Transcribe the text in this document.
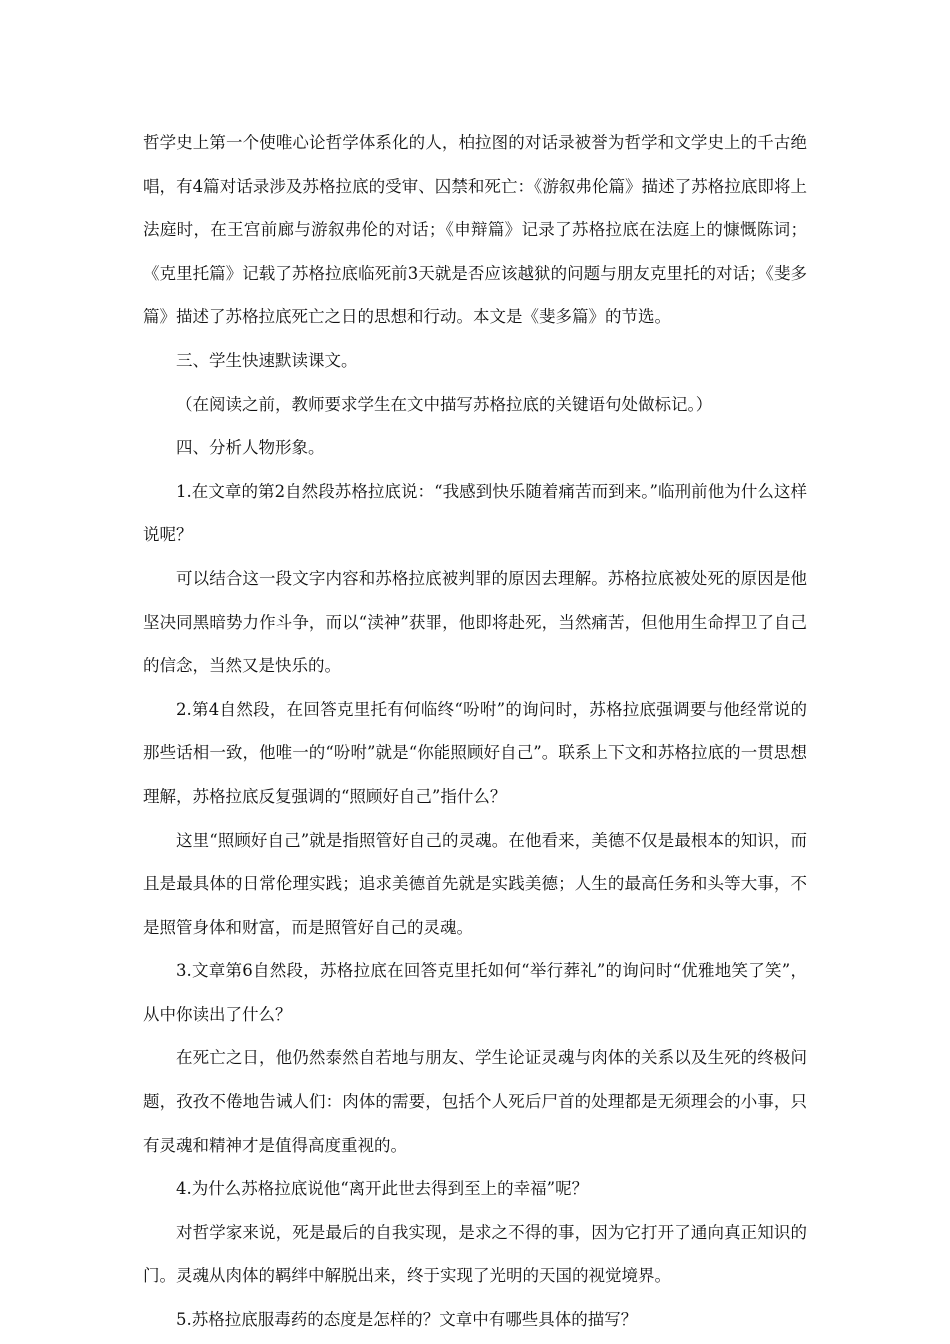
哲学史上第一个使唯心论哲学体系化的人，柏拉图的对话录被誉为哲学和文学史上的千古绝唱，有4篇对话录涉及苏格拉底的受审、囚禁和死亡：《游叙弗伦篇》描述了苏格拉底即将上法庭时，在王宫前廊与游叙弗伦的对话；《申辩篇》记录了苏格拉底在法庭上的慷慨陈词；《克里托篇》记载了苏格拉底临死前3天就是否应该越狱的问题与朋友克里托的对话；《斐多篇》描述了苏格拉底死亡之日的思想和行动。本文是《斐多篇》的节选。

三、学生快速默读课文。

（在阅读之前，教师要求学生在文中描写苏格拉底的关键语句处做标记。）

四、分析人物形象。

1.在文章的第2自然段苏格拉底说：“我感到快乐随着痛苦而到来。”临刑前他为什么这样说呢？

可以结合这一段文字内容和苏格拉底被判罪的原因去理解。苏格拉底被处死的原因是他坚决同黑暗势力作斗争，而以“渎神”获罪，他即将赴死，当然痛苦，但他用生命捍卫了自己的信念，当然又是快乐的。

2.第4自然段，在回答克里托有何临终“吩咐”的询问时，苏格拉底强调要与他经常说的那些话相一致，他唯一的“吩咐”就是“你能照顾好自己”。联系上下文和苏格拉底的一贯思想理解，苏格拉底反复强调的“照顾好自己”指什么？

这里“照顾好自己”就是指照管好自己的灵魂。在他看来，美德不仅是最根本的知识，而且是最具体的日常伦理实践；追求美德首先就是实践美德；人生的最高任务和头等大事，不是照管身体和财富，而是照管好自己的灵魂。

3.文章第6自然段，苏格拉底在回答克里托如何“举行葬礼”的询问时“优雅地笑了笑”，从中你读出了什么？

在死亡之日，他仍然泰然自若地与朋友、学生论证灵魂与肉体的关系以及生死的终极问题，孜孜不倦地告诫人们：肉体的需要，包括个人死后尸首的处理都是无须理会的小事，只有灵魂和精神才是值得高度重视的。

4.为什么苏格拉底说他“离开此世去得到至上的幸福”呢？

对哲学家来说，死是最后的自我实现，是求之不得的事，因为它打开了通向真正知识的门。灵魂从肉体的羁绊中解脱出来，终于实现了光明的天国的视觉境界。

5.苏格拉底服毒药的态度是怎样的？文章中有哪些具体的描写？
